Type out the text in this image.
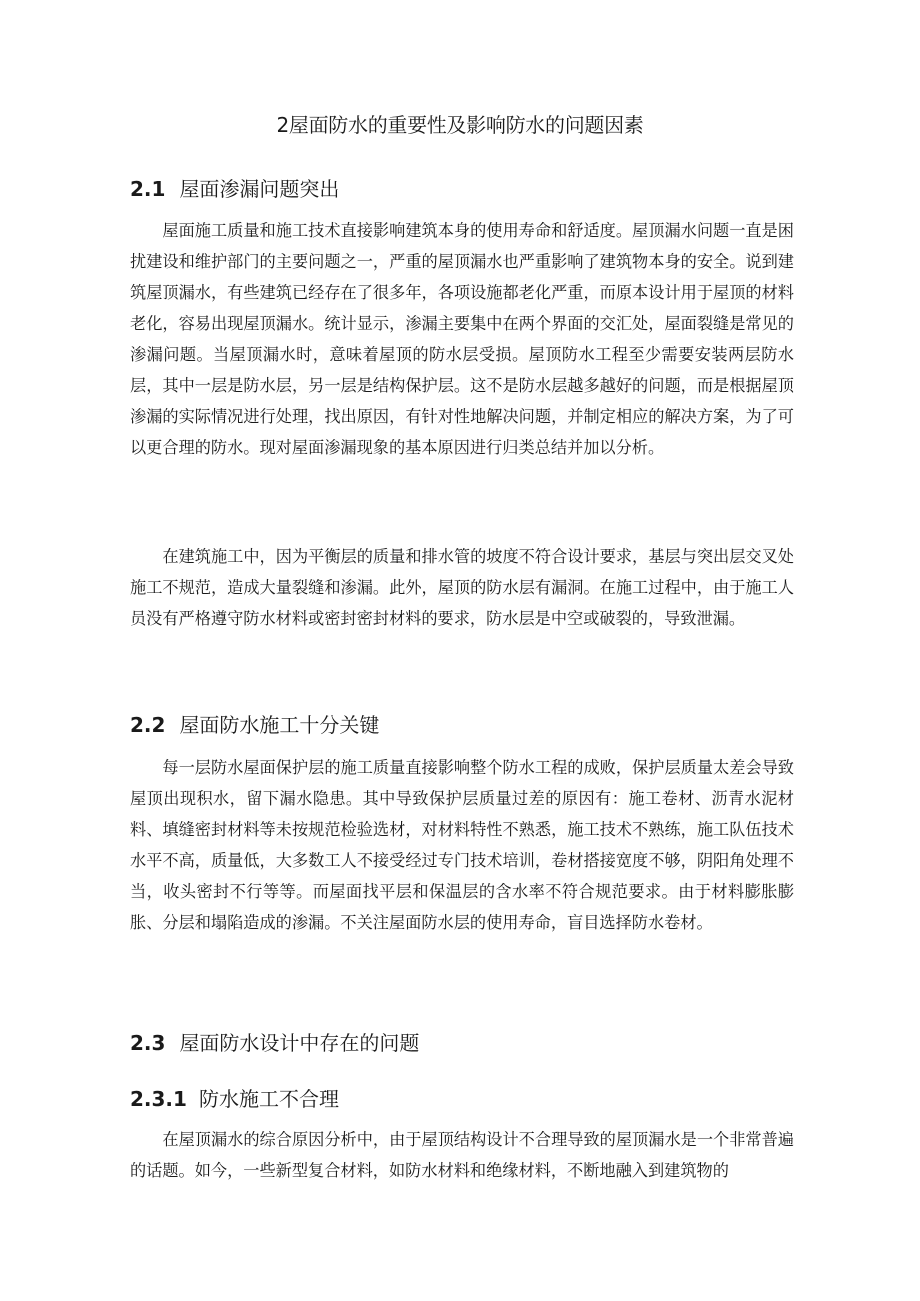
2屋面防水的重要性及影响防水的问题因素
2.1 屋面渗漏问题突出

屋面施工质量和施工技术直接影响建筑本身的使用寿命和舒适度。屋顶漏水问题一直是困扰建设和维护部门的主要问题之一，严重的屋顶漏水也严重影响了建筑物本身的安全。说到建筑屋顶漏水，有些建筑已经存在了很多年，各项设施都老化严重，而原本设计用于屋顶的材料老化，容易出现屋顶漏水。统计显示，渗漏主要集中在两个界面的交汇处，屋面裂缝是常见的渗漏问题。当屋顶漏水时，意味着屋顶的防水层受损。屋顶防水工程至少需要安装两层防水层，其中一层是防水层，另一层是结构保护层。这不是防水层越多越好的问题，而是根据屋顶渗漏的实际情况进行处理，找出原因，有针对性地解决问题，并制定相应的解决方案，为了可以更合理的防水。现对屋面渗漏现象的基本原因进行归类总结并加以分析。

在建筑施工中，因为平衡层的质量和排水管的坡度不符合设计要求，基层与突出层交叉处施工不规范，造成大量裂缝和渗漏。此外，屋顶的防水层有漏洞。在施工过程中，由于施工人员没有严格遵守防水材料或密封密封材料的要求，防水层是中空或破裂的，导致泄漏。

2.2 屋面防水施工十分关键

每一层防水屋面保护层的施工质量直接影响整个防水工程的成败，保护层质量太差会导致屋顶出现积水，留下漏水隐患。其中导致保护层质量过差的原因有：施工卷材、沥青水泥材料、填缝密封材料等未按规范检验选材，对材料特性不熟悉，施工技术不熟练，施工队伍技术水平不高，质量低，大多数工人不接受经过专门技术培训，卷材搭接宽度不够，阴阳角处理不当，收头密封不行等等。而屋面找平层和保温层的含水率不符合规范要求。由于材料膨胀膨胀、分层和塌陷造成的渗漏。不关注屋面防水层的使用寿命，盲目选择防水卷材。

2.3 屋面防水设计中存在的问题
2.3.1 防水施工不合理

在屋顶漏水的综合原因分析中，由于屋顶结构设计不合理导致的屋顶漏水是一个非常普遍的话题。如今，一些新型复合材料，如防水材料和绝缘材料，不断地融入到建筑物的
